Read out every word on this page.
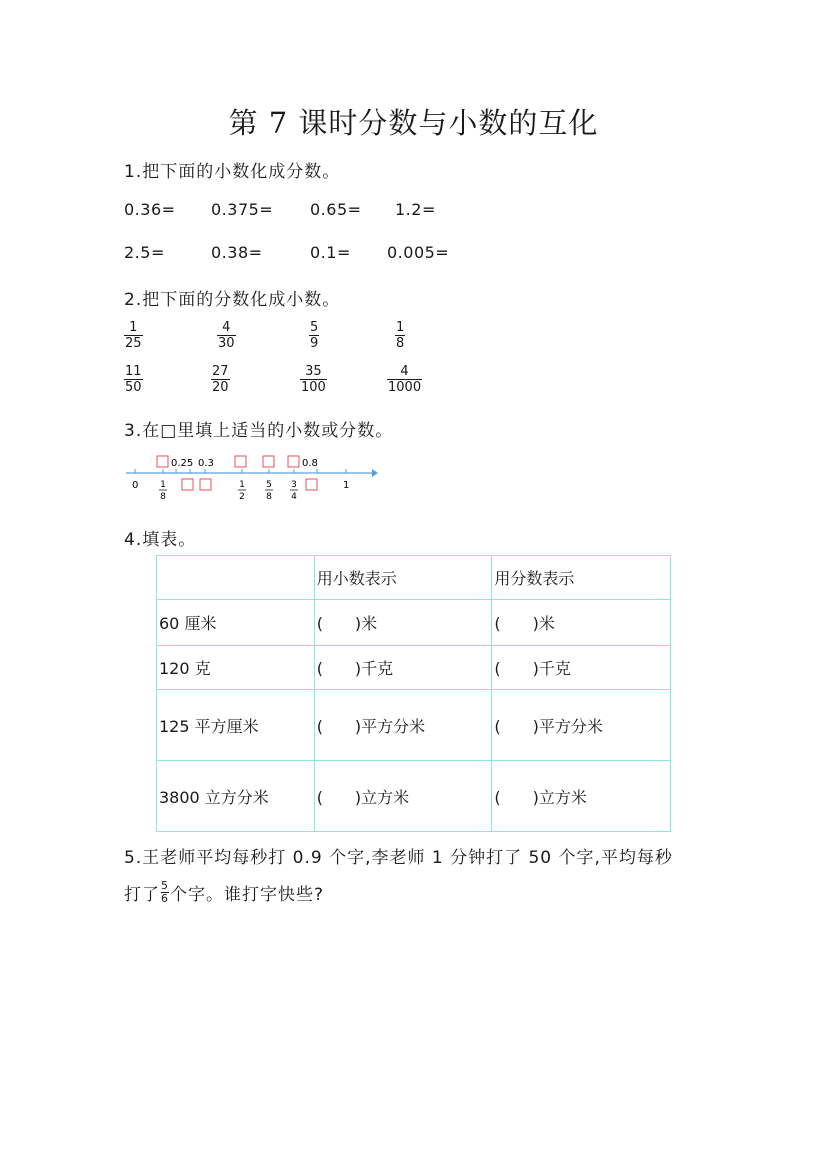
第 7 课时分数与小数的互化
1.把下面的小数化成分数。
0.36= 0.375= 0.65= 1.2=
2.5=	0.38=	0.1= 0.005=
2.把下面的分数化成小数。
$\frac{1}{25}$	$\frac{4}{30}$	$\frac{5}{9}$	$\frac{1}{8}$
$\frac{11}{50}$	$\frac{27}{20}$	$\frac{35}{100}$	$\frac{4}{1000}$
3.在□里填上适当的小数或分数。
0.25 0.3	0.8
0	1
1
8
1
2
5
8
3
4
4.填表。
	用小数表示	用分数表示
60 厘米	(　　)米	(　　)米
120 克	(　　)千克	(　　)千克
125 平方厘米	(　　)平方分米	(　　)平方分米
3800 立方分米	(　　)立方米	(　　)立方米
5.王老师平均每秒打 0.9 个字,李老师 1 分钟打了 50 个字,平均每秒
打了 $\frac{5}{6}$ 个字。谁打字快些?
